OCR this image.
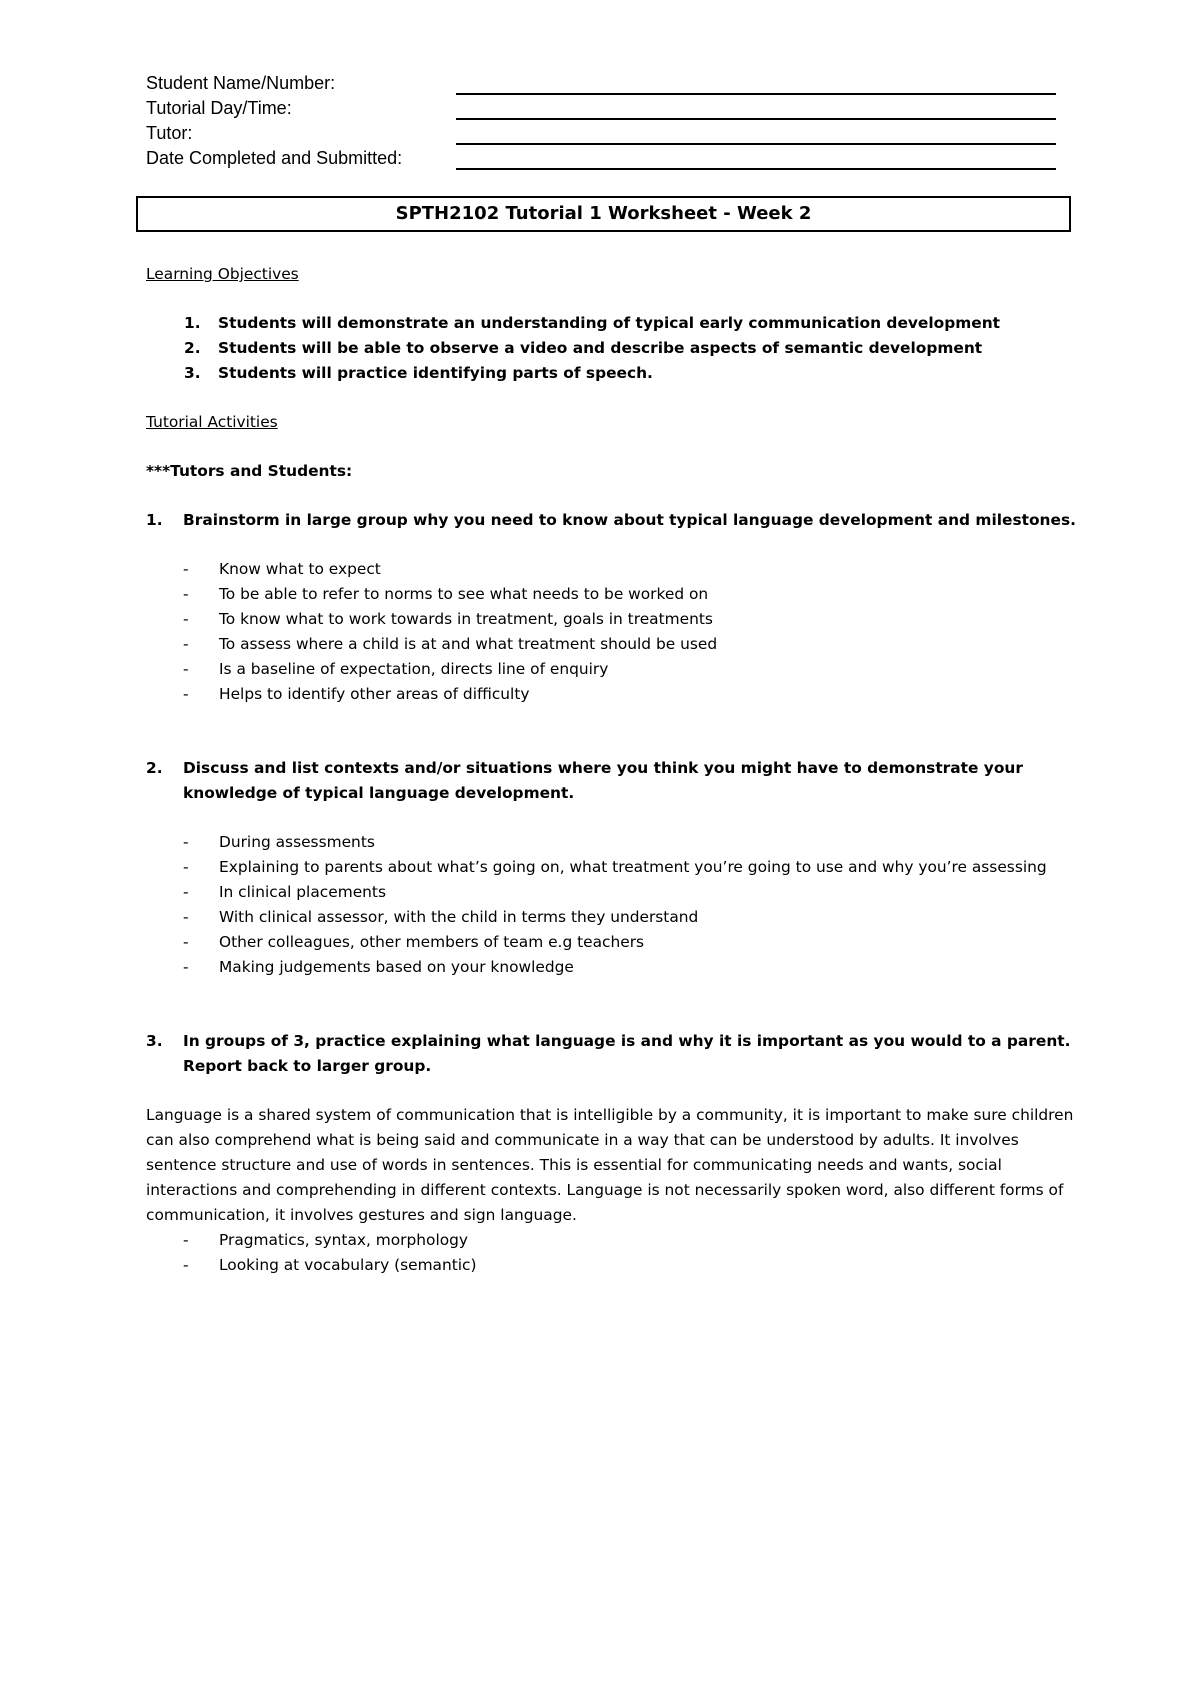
Student Name/Number:
Tutorial Day/Time:
Tutor:
Date Completed and Submitted:
SPTH2102 Tutorial 1 Worksheet - Week 2
Learning Objectives
1. Students will demonstrate an understanding of typical early communication development
2. Students will be able to observe a video and describe aspects of semantic development
3. Students will practice identifying parts of speech.
Tutorial Activities
***Tutors and Students:
1. Brainstorm in large group why you need to know about typical language development and milestones.
- Know what to expect
- To be able to refer to norms to see what needs to be worked on
- To know what to work towards in treatment, goals in treatments
- To assess where a child is at and what treatment should be used
- Is a baseline of expectation, directs line of enquiry
- Helps to identify other areas of difficulty
2. Discuss and list contexts and/or situations where you think you might have to demonstrate your knowledge of typical language development.
- During assessments
- Explaining to parents about what’s going on, what treatment you’re going to use and why you’re assessing
- In clinical placements
- With clinical assessor, with the child in terms they understand
- Other colleagues, other members of team e.g teachers
- Making judgements based on your knowledge
3. In groups of 3, practice explaining what language is and why it is important as you would to a parent. Report back to larger group.
Language is a shared system of communication that is intelligible by a community, it is important to make sure children can also comprehend what is being said and communicate in a way that can be understood by adults. It involves sentence structure and use of words in sentences. This is essential for communicating needs and wants, social interactions and comprehending in different contexts. Language is not necessarily spoken word, also different forms of communication, it involves gestures and sign language.
- Pragmatics, syntax, morphology
- Looking at vocabulary (semantic)
